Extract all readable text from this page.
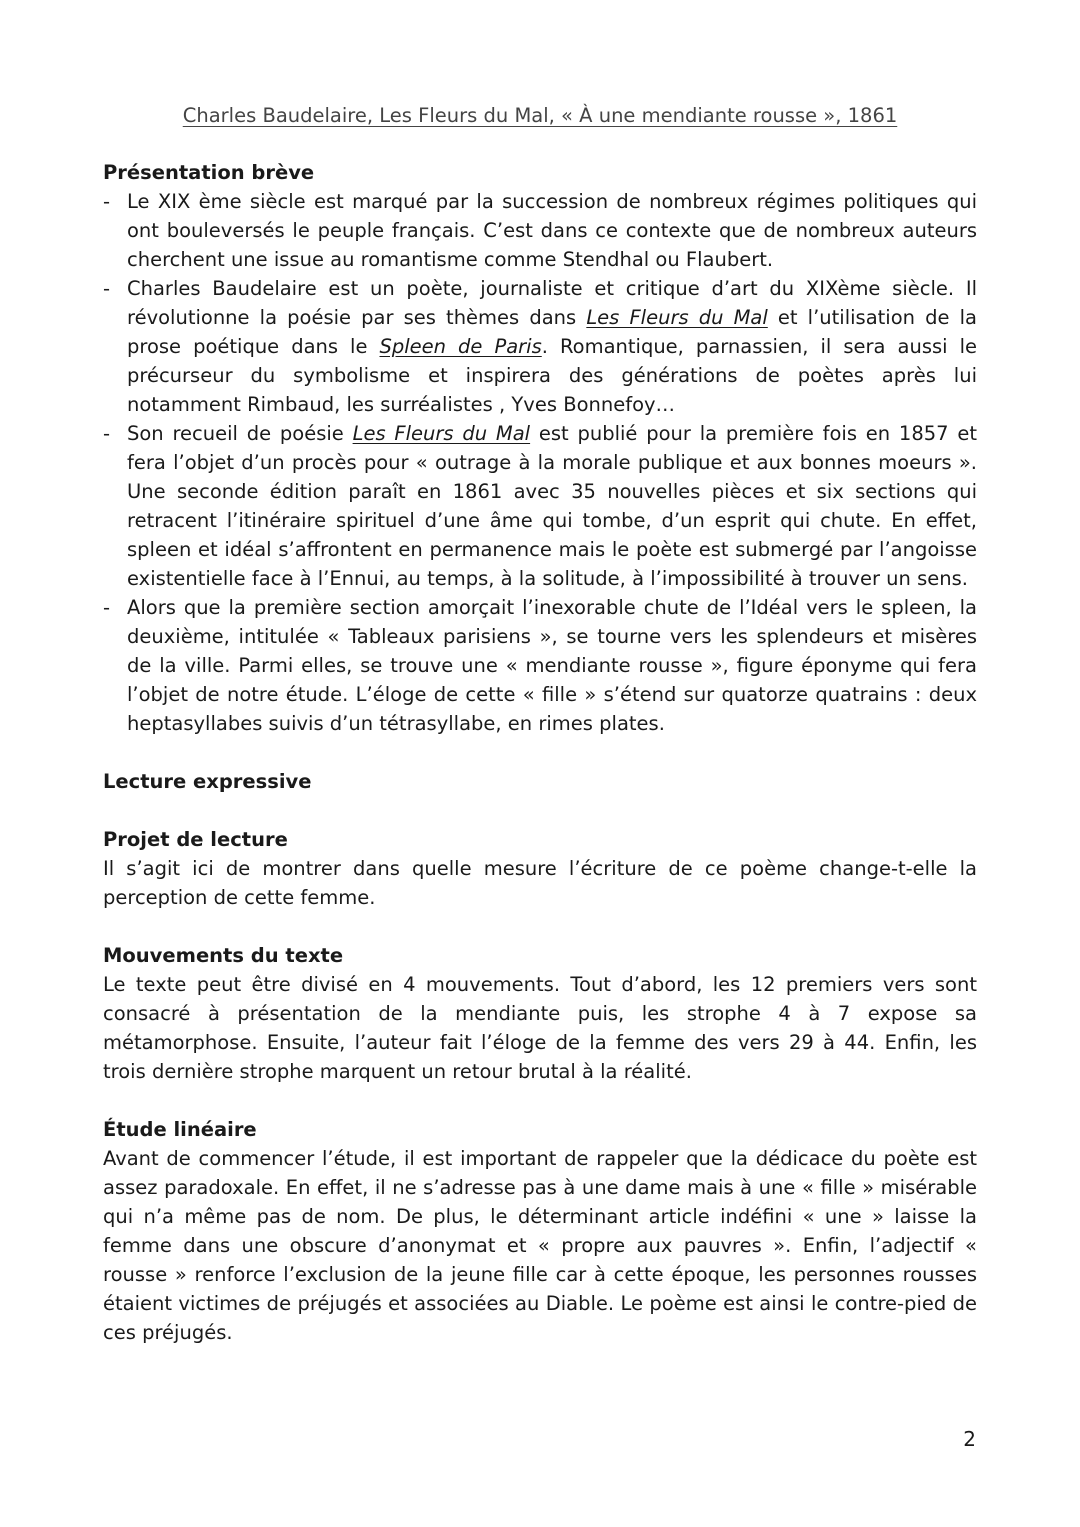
Charles Baudelaire, Les Fleurs du Mal, « À une mendiante rousse », 1861

Présentation brève

- Le XIX ème siècle est marqué par la succession de nombreux régimes politiques qui ont bouleversés le peuple français. C’est dans ce contexte que de nombreux auteurs cherchent une issue au romantisme comme Stendhal ou Flaubert.
- Charles Baudelaire est un poète, journaliste et critique d’art du XIXème siècle. Il révolutionne la poésie par ses thèmes dans Les Fleurs du Mal et l’utilisation de la prose poétique dans le Spleen de Paris. Romantique, parnassien, il sera aussi le précurseur du symbolisme et inspirera des générations de poètes après lui notamment Rimbaud, les surréalistes , Yves Bonnefoy…
- Son recueil de poésie Les Fleurs du Mal est publié pour la première fois en 1857 et fera l’objet d’un procès pour « outrage à la morale publique et aux bonnes moeurs ». Une seconde édition paraît en 1861 avec 35 nouvelles pièces et six sections qui retracent l’itinéraire spirituel d’une âme qui tombe, d’un esprit qui chute. En effet, spleen et idéal s’affrontent en permanence mais le poète est submergé par l’angoisse existentielle face à l’Ennui, au temps, à la solitude, à l’impossibilité à trouver un sens.
- Alors que la première section amorçait l’inexorable chute de l’Idéal vers le spleen, la deuxième, intitulée « Tableaux parisiens », se tourne vers les splendeurs et misères de la ville. Parmi elles, se trouve une « mendiante rousse », figure éponyme qui fera l’objet de notre étude. L’éloge de cette « fille » s’étend sur quatorze quatrains : deux heptasyllabes suivis d’un tétrasyllabe, en rimes plates.

Lecture expressive

Projet de lecture

Il s’agit ici de montrer dans quelle mesure l’écriture de ce poème change-t-elle la perception de cette femme.

Mouvements du texte

Le texte peut être divisé en 4 mouvements. Tout d’abord, les 12 premiers vers sont consacré à présentation de la mendiante puis, les strophe 4 à 7 expose sa métamorphose. Ensuite, l’auteur fait l’éloge de la femme des vers 29 à 44. Enfin, les trois dernière strophe marquent un retour brutal à la réalité.

Étude linéaire

Avant de commencer l’étude, il est important de rappeler que la dédicace du poète est assez paradoxale. En effet, il ne s’adresse pas à une dame mais à une « fille » misérable qui n’a même pas de nom. De plus, le déterminant article indéfini « une » laisse la femme dans une obscure d’anonymat et « propre aux pauvres ». Enfin, l’adjectif « rousse » renforce l’exclusion de la jeune fille car à cette époque, les personnes rousses étaient victimes de préjugés et associées au Diable. Le poème est ainsi le contre-pied de ces préjugés.

2
